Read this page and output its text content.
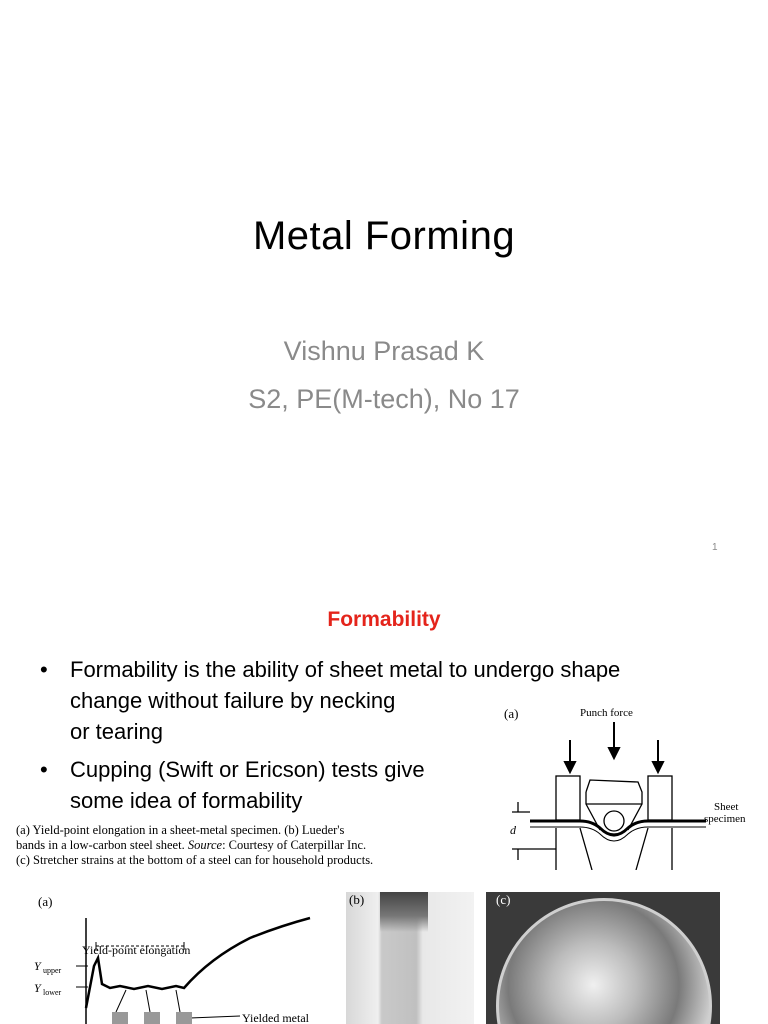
Metal Forming
Vishnu Prasad K
S2, PE(M-tech), No 17
1
Formability
• Formability is the ability of sheet metal to undergo shape
change without failure by necking
or tearing
• Cupping (Swift or Ericson) tests give
some idea of formability
(a) Yield-point elongation in a sheet-metal specimen. (b) Lueder's
bands in a low-carbon steel sheet. Source: Courtesy of Caterpillar Inc.
(c) Stretcher strains at the bottom of a steel can for household products.
(a)	Punch force
d
Sheet
specimen
(a)
Yield-point elongation
Y upper
Y lower
Yielded metal
(b)	(c)
